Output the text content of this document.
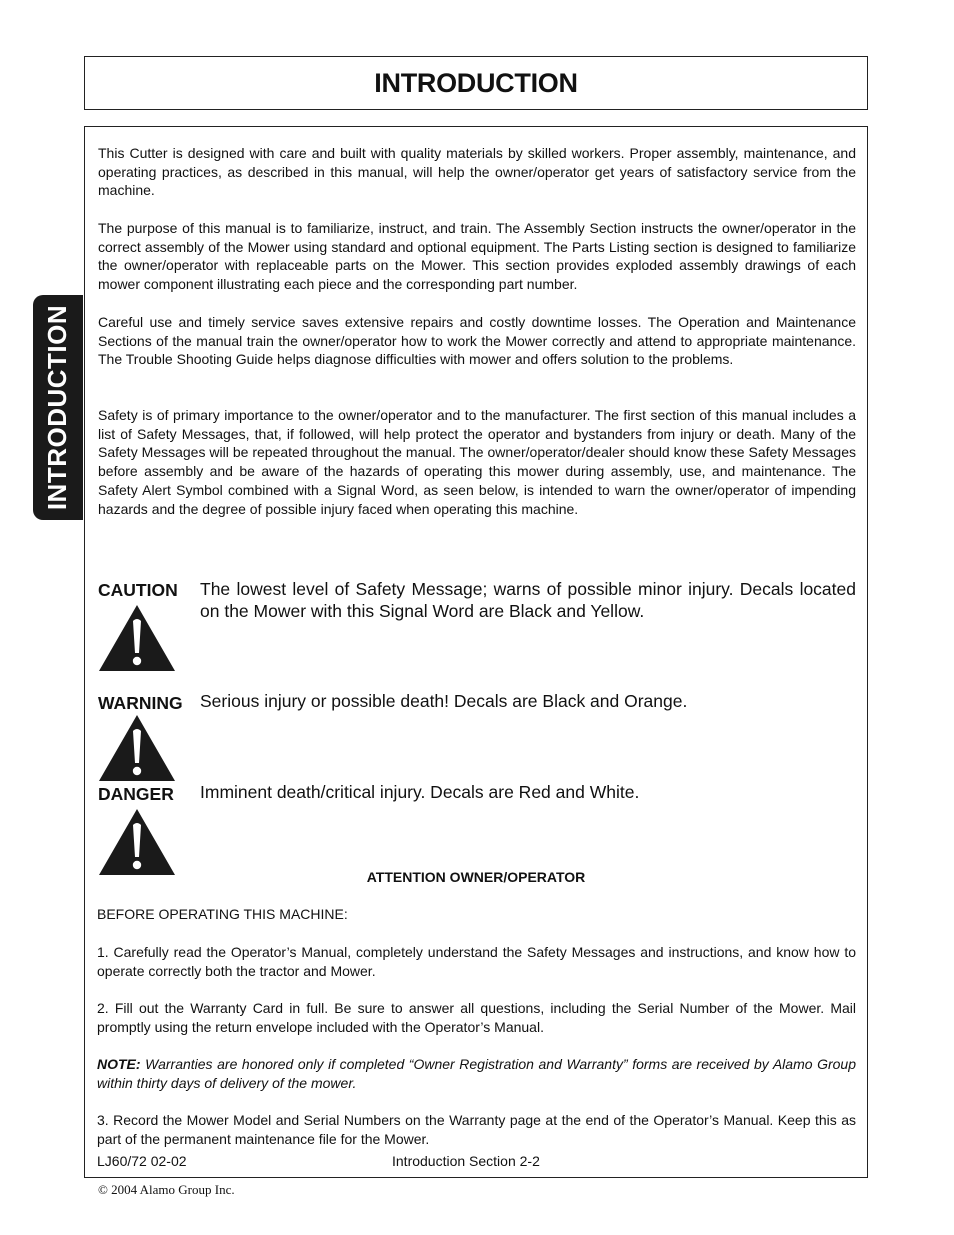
INTRODUCTION
INTRODUCTION

This Cutter is designed with care and built with quality materials by skilled workers. Proper assembly, maintenance, and operating practices, as described in this manual, will help the owner/operator get years of satisfactory service from the machine.

The purpose of this manual is to familiarize, instruct, and train. The Assembly Section instructs the owner/operator in the correct assembly of the Mower using standard and optional equipment. The Parts Listing section is designed to familiarize the owner/operator with replaceable parts on the Mower. This section provides exploded assembly drawings of each mower component illustrating each piece and the corresponding part number.

Careful use and timely service saves extensive repairs and costly downtime losses. The Operation and Maintenance Sections of the manual train the owner/operator how to work the Mower correctly and attend to appropriate maintenance. The Trouble Shooting Guide helps diagnose difficulties with mower and offers solution to the problems.

Safety is of primary importance to the owner/operator and to the manufacturer. The first section of this manual includes a list of Safety Messages, that, if followed, will help protect the operator and bystanders from injury or death. Many of the Safety Messages will be repeated throughout the manual. The owner/operator/dealer should know these Safety Messages before assembly and be aware of the hazards of operating this mower during assembly, use, and maintenance. The Safety Alert Symbol combined with a Signal Word, as seen below, is intended to warn the owner/operator of impending hazards and the degree of possible injury faced when operating this machine.

CAUTION The lowest level of Safety Message; warns of possible minor injury. Decals located on the Mower with this Signal Word are Black and Yellow.

WARNING Serious injury or possible death! Decals are Black and Orange.

DANGER Imminent death/critical injury. Decals are Red and White.

ATTENTION OWNER/OPERATOR

BEFORE OPERATING THIS MACHINE:

1. Carefully read the Operator’s Manual, completely understand the Safety Messages and instructions, and know how to operate correctly both the tractor and Mower.

2. Fill out the Warranty Card in full. Be sure to answer all questions, including the Serial Number of the Mower. Mail promptly using the return envelope included with the Operator’s Manual.

NOTE: Warranties are honored only if completed “Owner Registration and Warranty” forms are received by Alamo Group within thirty days of delivery of the mower.

3. Record the Mower Model and Serial Numbers on the Warranty page at the end of the Operator’s Manual. Keep this as part of the permanent maintenance file for the Mower.

LJ60/72 02-02	Introduction Section 2-2
© 2004 Alamo Group Inc.
